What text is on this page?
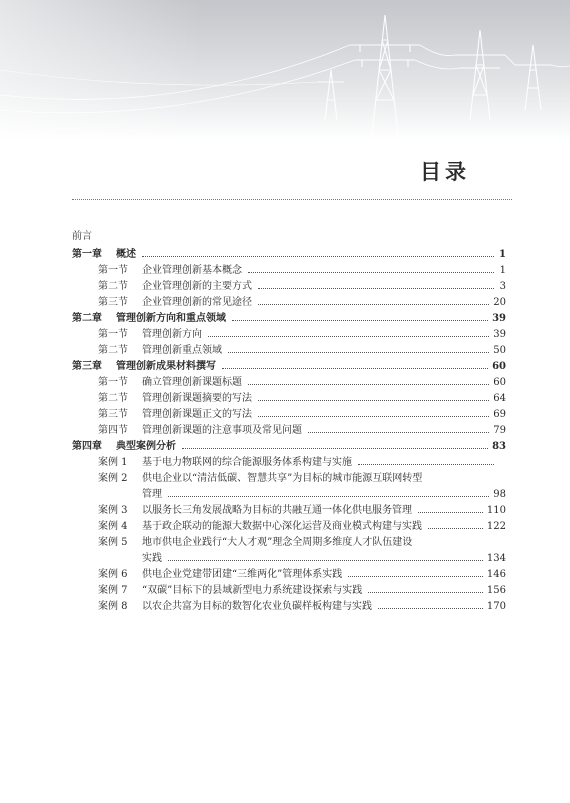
目录
前言
第一章 概述	1
第一节 企业管理创新基本概念	1
第二节 企业管理创新的主要方式	3
第三节 企业管理创新的常见途径	20
第二章 管理创新方向和重点领域	39
第一节 管理创新方向	39
第二节 管理创新重点领域	50
第三章 管理创新成果材料撰写	60
第一节 确立管理创新课题标题	60
第二节 管理创新课题摘要的写法	64
第三节 管理创新课题正文的写法	69
第四节 管理创新课题的注意事项及常见问题	79
第四章 典型案例分析	83
案例 1 基于电力物联网的综合能源服务体系构建与实施
案例 2 供电企业以“清洁低碳、智慧共享”为目标的城市能源互联网转型
管理	98
案例 3 以服务长三角发展战略为目标的共融互通一体化供电服务管理	110
案例 4 基于政企联动的能源大数据中心深化运营及商业模式构建与实践	122
案例 5 地市供电企业践行“大人才观”理念全周期多维度人才队伍建设
实践	134
案例 6 供电企业党建带团建“三维两化”管理体系实践	146
案例 7 “双碳”目标下的县域新型电力系统建设探索与实践	156
案例 8 以农企共富为目标的数智化农业负碳样板构建与实践	170
